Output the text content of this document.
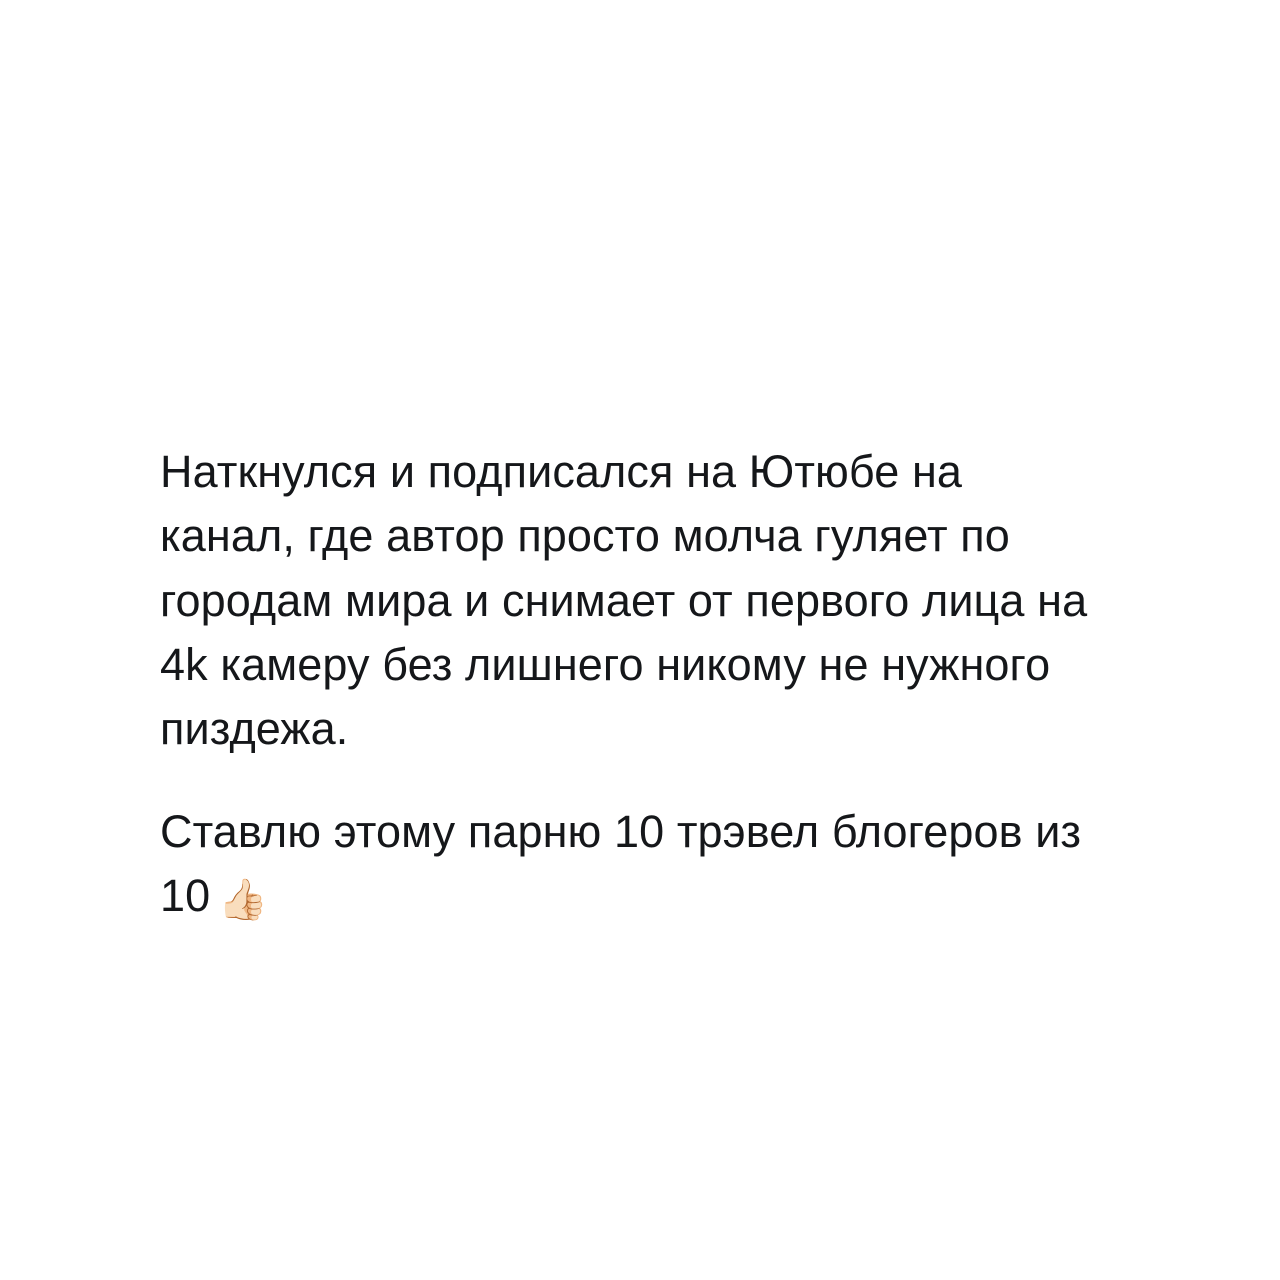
Наткнулся и подписался на Ютюбе на канал, где автор просто молча гуляет по городам мира и снимает от первого лица на 4k камеру без лишнего никому не нужного пиздежа.

Ставлю этому парню 10 трэвел блогеров из 10 👍🏻
